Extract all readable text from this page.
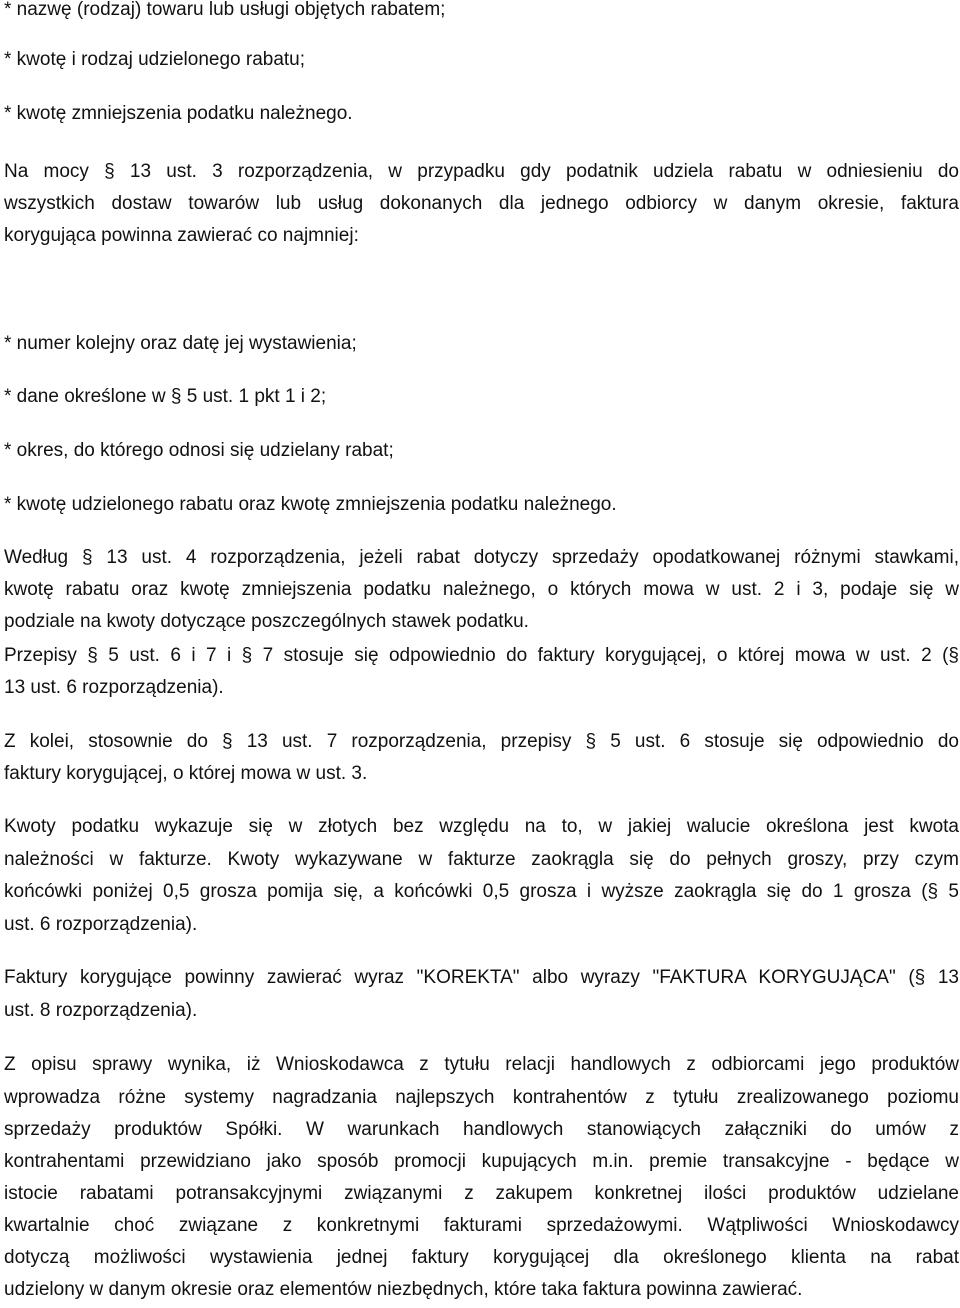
* nazwę (rodzaj) towaru lub usługi objętych rabatem;
* kwotę i rodzaj udzielonego rabatu;
* kwotę zmniejszenia podatku należnego.
Na mocy § 13 ust. 3 rozporządzenia, w przypadku gdy podatnik udziela rabatu w odniesieniu do
wszystkich dostaw towarów lub usług dokonanych dla jednego odbiorcy w danym okresie, faktura
korygująca powinna zawierać co najmniej:
* numer kolejny oraz datę jej wystawienia;
* dane określone w § 5 ust. 1 pkt 1 i 2;
* okres, do którego odnosi się udzielany rabat;
* kwotę udzielonego rabatu oraz kwotę zmniejszenia podatku należnego.
Według § 13 ust. 4 rozporządzenia, jeżeli rabat dotyczy sprzedaży opodatkowanej różnymi stawkami,
kwotę rabatu oraz kwotę zmniejszenia podatku należnego, o których mowa w ust. 2 i 3, podaje się w
podziale na kwoty dotyczące poszczególnych stawek podatku.
Przepisy § 5 ust. 6 i 7 i § 7 stosuje się odpowiednio do faktury korygującej, o której mowa w ust. 2 (§
13 ust. 6 rozporządzenia).
Z kolei, stosownie do § 13 ust. 7 rozporządzenia, przepisy § 5 ust. 6 stosuje się odpowiednio do
faktury korygującej, o której mowa w ust. 3.
Kwoty podatku wykazuje się w złotych bez względu na to, w jakiej walucie określona jest kwota
należności w fakturze. Kwoty wykazywane w fakturze zaokrągla się do pełnych groszy, przy czym
końcówki poniżej 0,5 grosza pomija się, a końcówki 0,5 grosza i wyższe zaokrągla się do 1 grosza (§ 5
ust. 6 rozporządzenia).
Faktury korygujące powinny zawierać wyraz "KOREKTA" albo wyrazy "FAKTURA KORYGUJĄCA" (§ 13
ust. 8 rozporządzenia).
Z opisu sprawy wynika, iż Wnioskodawca z tytułu relacji handlowych z odbiorcami jego produktów
wprowadza różne systemy nagradzania najlepszych kontrahentów z tytułu zrealizowanego poziomu
sprzedaży produktów Spółki. W warunkach handlowych stanowiących załączniki do umów z
kontrahentami przewidziano jako sposób promocji kupujących m.in. premie transakcyjne - będące w
istocie rabatami potransakcyjnymi związanymi z zakupem konkretnej ilości produktów udzielane
kwartalnie choć związane z konkretnymi fakturami sprzedażowymi. Wątpliwości Wnioskodawcy
dotyczą możliwości wystawienia jednej faktury korygującej dla określonego klienta na rabat
udzielony w danym okresie oraz elementów niezbędnych, które taka faktura powinna zawierać.
